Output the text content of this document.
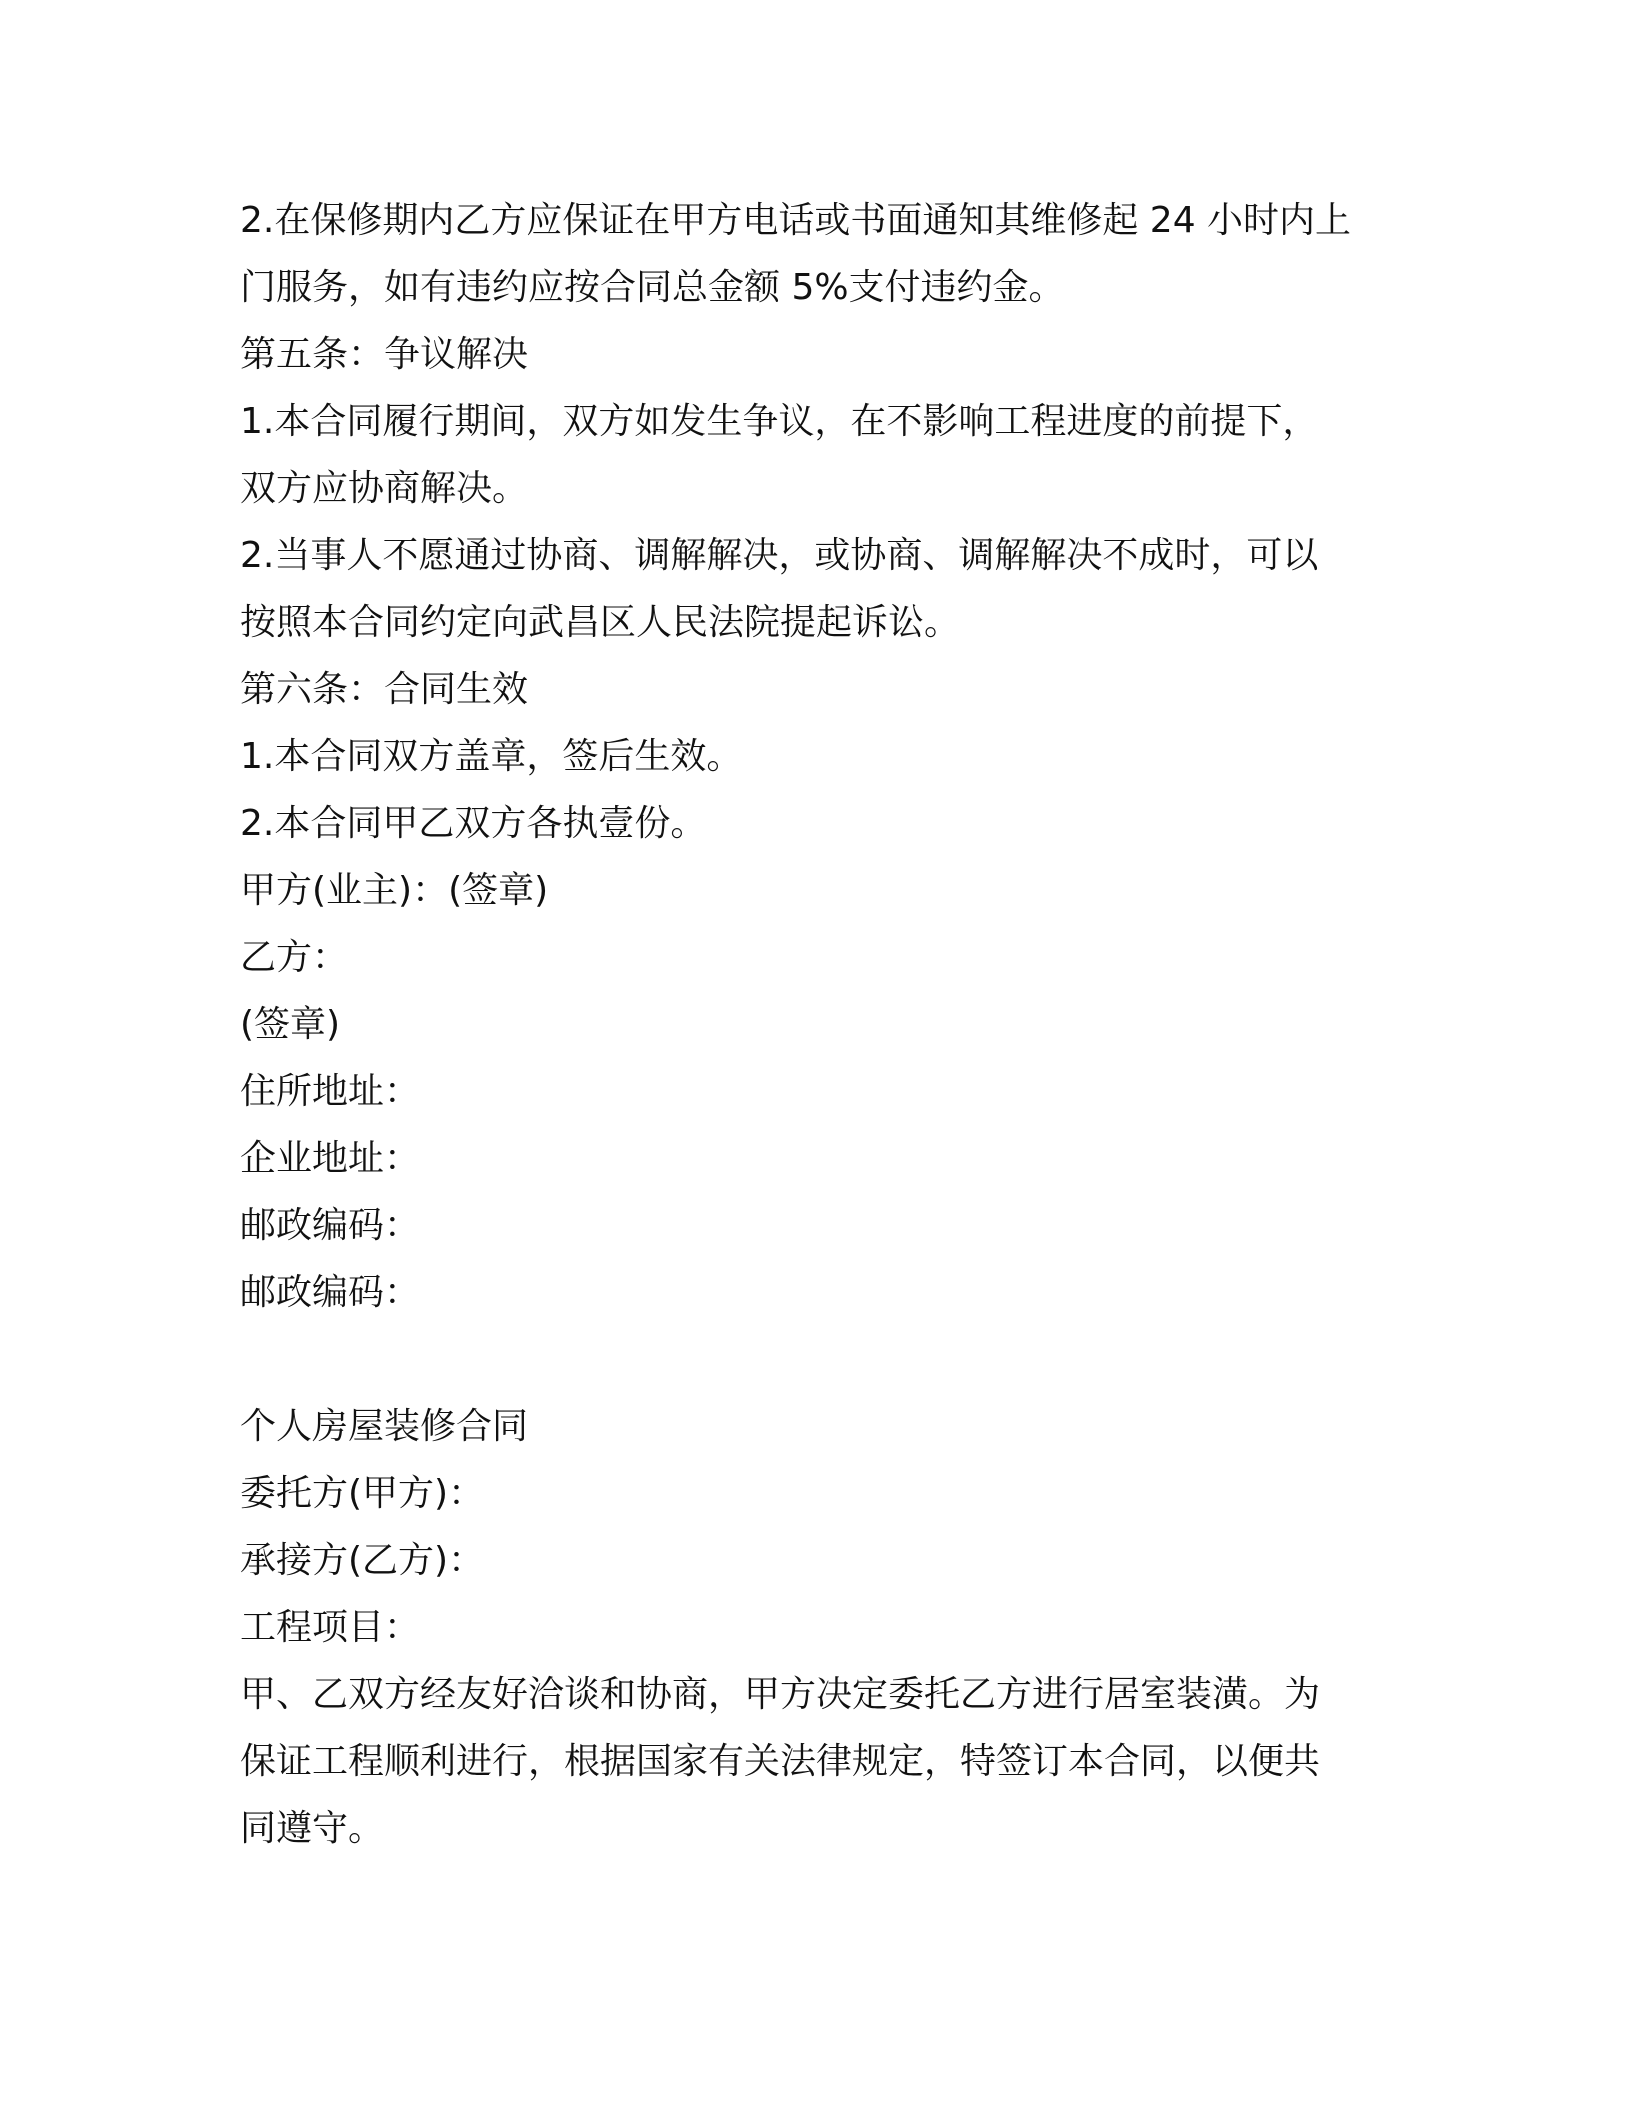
2.在保修期内乙方应保证在甲方电话或书面通知其维修起 24 小时内上

门服务，如有违约应按合同总金额 5%支付违约金。

第五条：争议解决

1.本合同履行期间，双方如发生争议，在不影响工程进度的前提下，

双方应协商解决。

2.当事人不愿通过协商、调解解决，或协商、调解解决不成时，可以

按照本合同约定向武昌区人民法院提起诉讼。

第六条：合同生效

1.本合同双方盖章，签后生效。

2.本合同甲乙双方各执壹份。

甲方(业主)：(签章)

乙方：

(签章)

住所地址：

企业地址：

邮政编码：

邮政编码：

个人房屋装修合同

委托方(甲方)：

承接方(乙方)：

工程项目：

甲、乙双方经友好洽谈和协商，甲方决定委托乙方进行居室装潢。为

保证工程顺利进行，根据国家有关法律规定，特签订本合同，以便共

同遵守。
